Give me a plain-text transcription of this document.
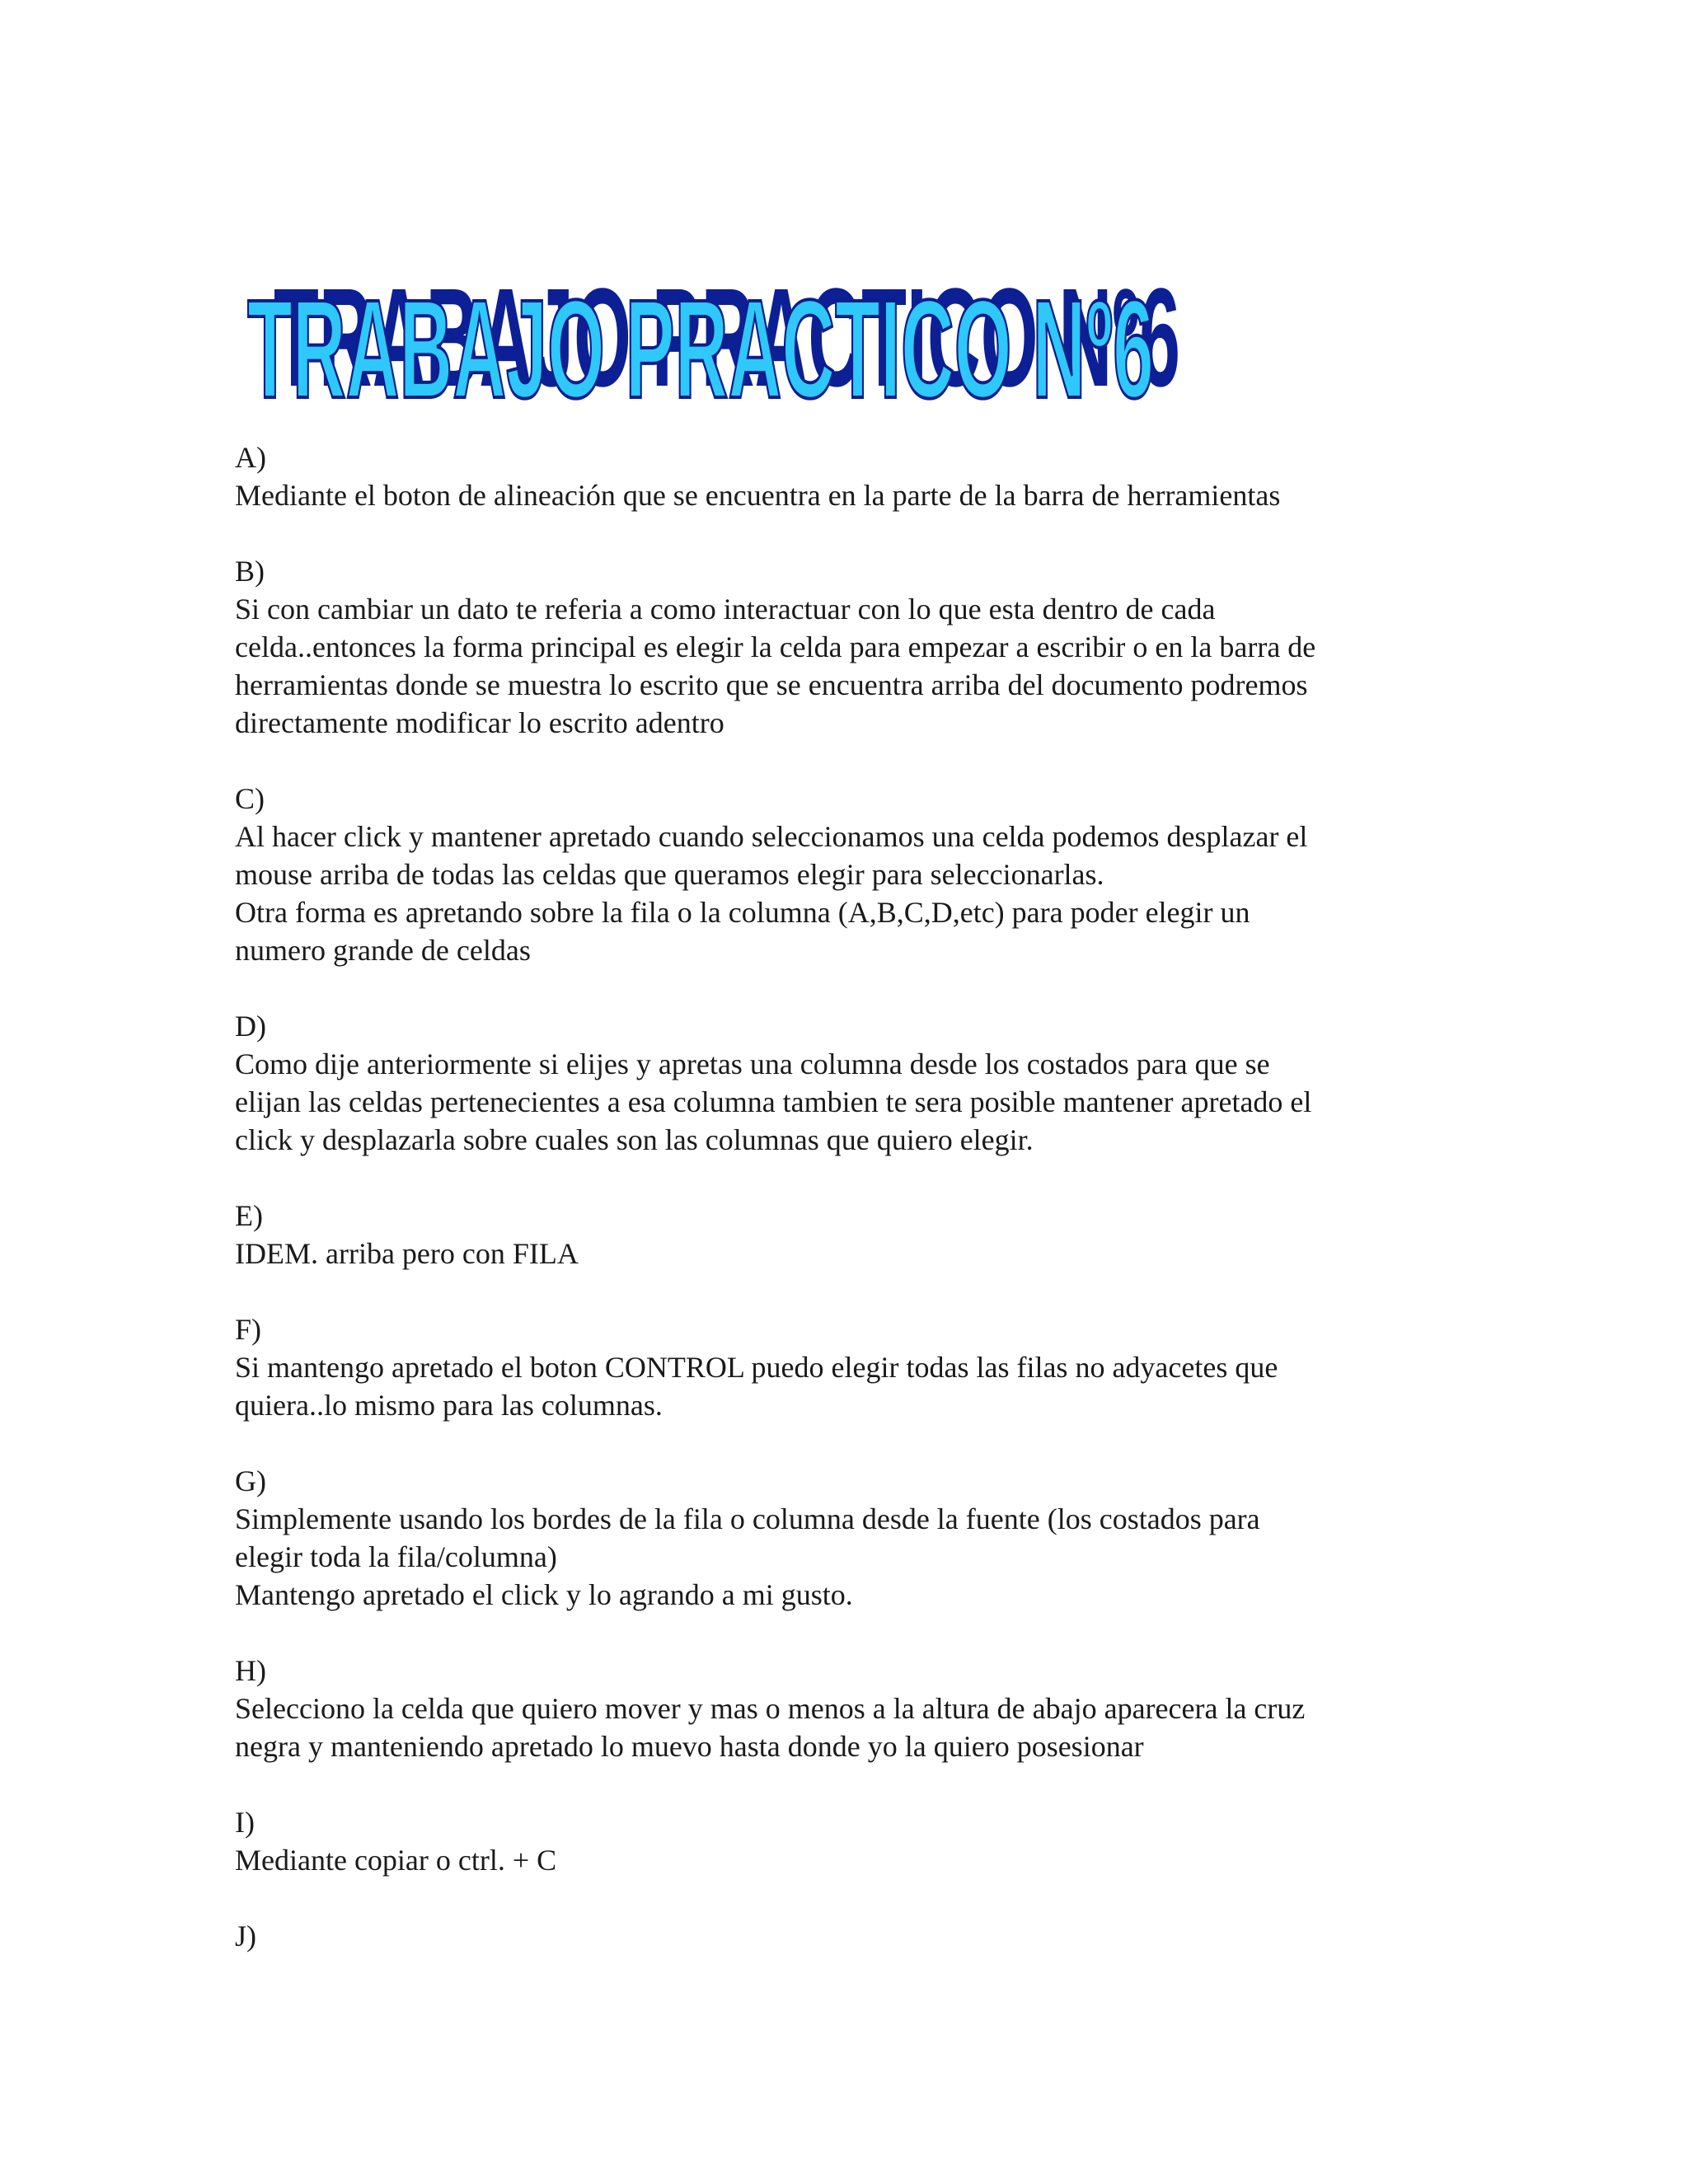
TRABAJO PRACTICO Nº6
TRABAJO PRACTICO Nº6

A)

Mediante el boton de alineación que se encuentra en la parte de la barra de herramientas

B)

Si con cambiar un dato te referia a como interactuar con lo que esta dentro de cada

celda..entonces la forma principal es elegir la celda para empezar a escribir o en la barra de

herramientas donde se muestra lo escrito que se encuentra arriba del documento podremos

directamente modificar lo escrito adentro

C)

Al hacer click y mantener apretado cuando seleccionamos una celda podemos desplazar el

mouse arriba de todas las celdas que queramos elegir para seleccionarlas.

Otra forma es apretando sobre la fila o la columna (A,B,C,D,etc) para poder elegir un

numero grande de celdas

D)

Como dije anteriormente si elijes y apretas una columna desde los costados para que se

elijan las celdas pertenecientes a esa columna tambien te sera posible mantener apretado el

click y desplazarla sobre cuales son las columnas que quiero elegir.

E)

IDEM. arriba pero con FILA

F)

Si mantengo apretado el boton CONTROL puedo elegir todas las filas no adyacetes que

quiera..lo mismo para las columnas.

G)

Simplemente usando los bordes de la fila o columna desde la fuente (los costados para

elegir toda la fila/columna)

Mantengo apretado el click y lo agrando a mi gusto.

H)

Selecciono la celda que quiero mover y mas o menos a la altura de abajo aparecera la cruz

negra y manteniendo apretado lo muevo hasta donde yo la quiero posesionar

I)

Mediante copiar o ctrl. + C

J)
